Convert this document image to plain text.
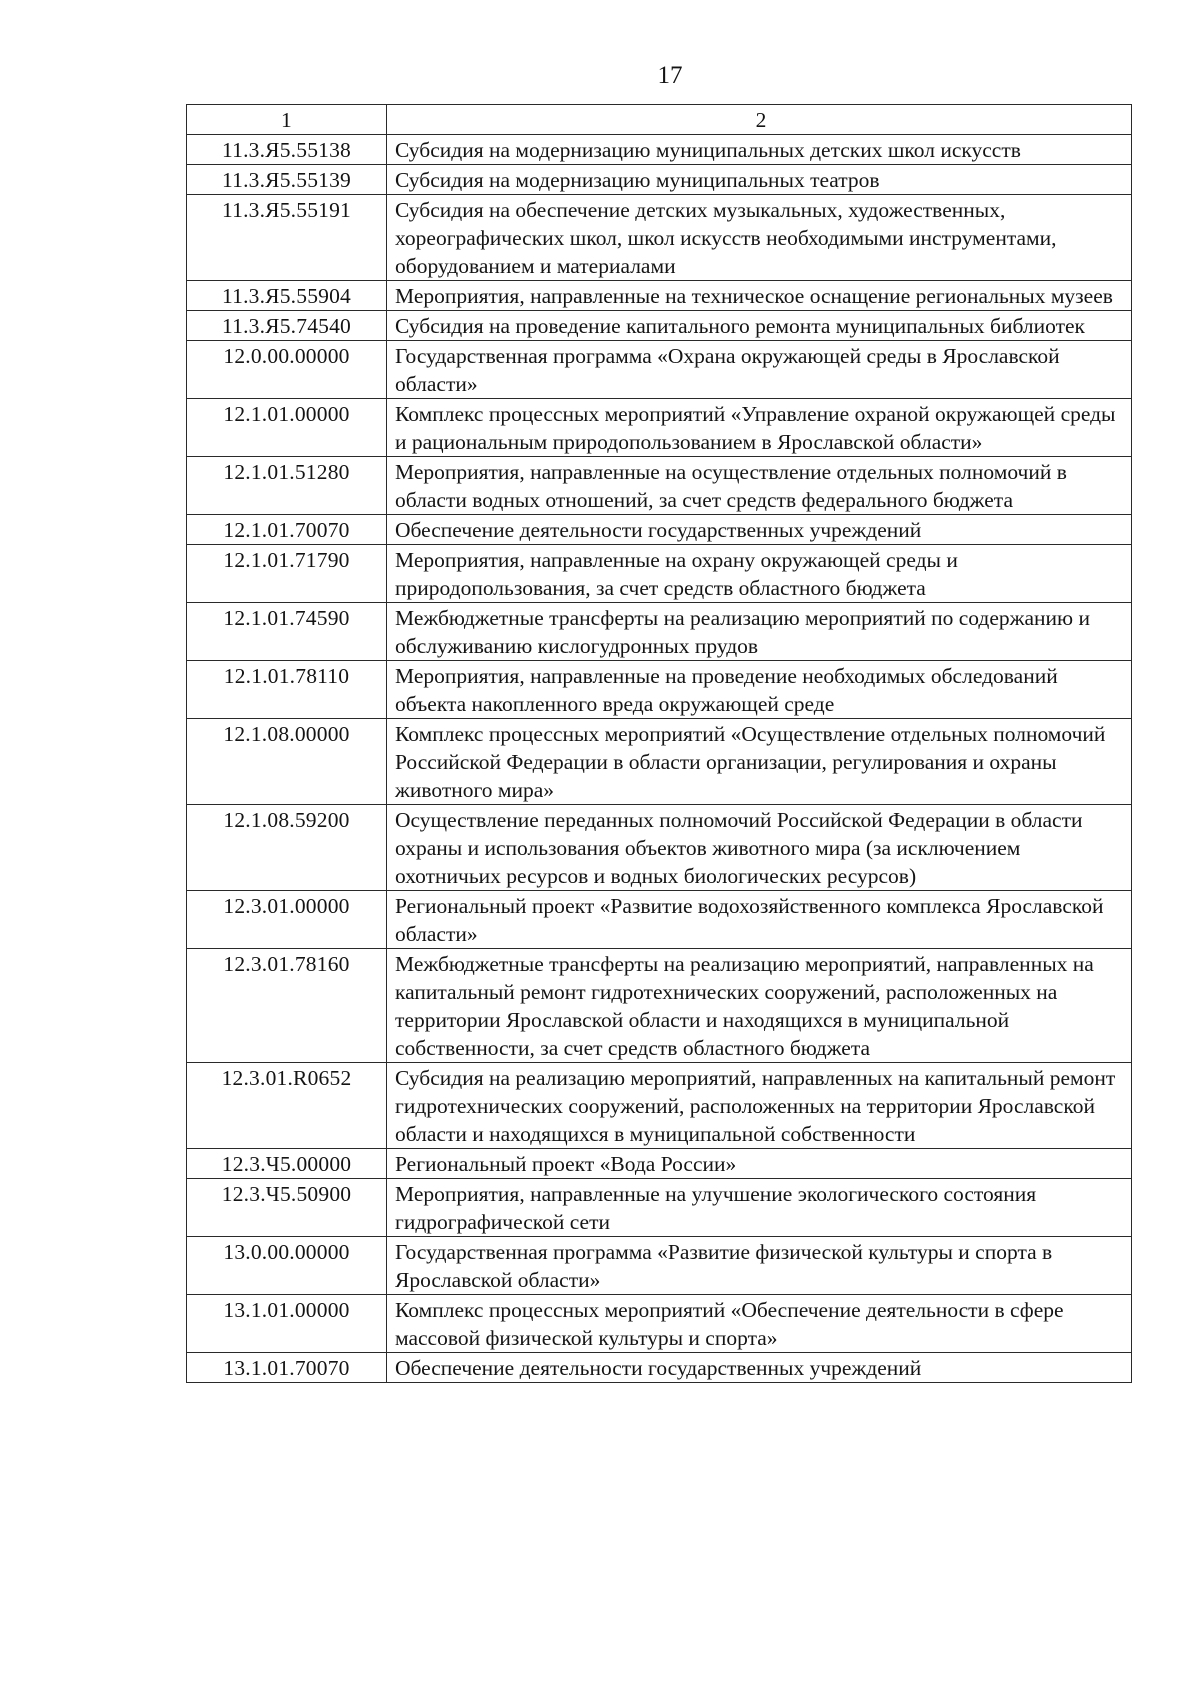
17
1	2
11.3.Я5.55138	Субсидия на модернизацию муниципальных детских школ искусств
11.3.Я5.55139	Субсидия на модернизацию муниципальных театров
11.3.Я5.55191	Субсидия на обеспечение детских музыкальных, художественных, хореографических школ, школ искусств необходимыми инструментами, оборудованием и материалами
11.3.Я5.55904	Мероприятия, направленные на техническое оснащение региональных музеев
11.3.Я5.74540	Субсидия на проведение капитального ремонта муниципальных библиотек
12.0.00.00000	Государственная программа «Охрана окружающей среды в Ярославской области»
12.1.01.00000	Комплекс процессных мероприятий «Управление охраной окружающей среды и рациональным природопользованием в Ярославской области»
12.1.01.51280	Мероприятия, направленные на осуществление отдельных полномочий в области водных отношений, за счет средств федерального бюджета
12.1.01.70070	Обеспечение деятельности государственных учреждений
12.1.01.71790	Мероприятия, направленные на охрану окружающей среды и природопользования, за счет средств областного бюджета
12.1.01.74590	Межбюджетные трансферты на реализацию мероприятий по содержанию и обслуживанию кислогудронных прудов
12.1.01.78110	Мероприятия, направленные на проведение необходимых обследований объекта накопленного вреда окружающей среде
12.1.08.00000	Комплекс процессных мероприятий «Осуществление отдельных полномочий Российской Федерации в области организации, регулирования и охраны животного мира»
12.1.08.59200	Осуществление переданных полномочий Российской Федерации в области охраны и использования объектов животного мира (за исключением охотничьих ресурсов и водных биологических ресурсов)
12.3.01.00000	Региональный проект «Развитие водохозяйственного комплекса Ярославской области»
12.3.01.78160	Межбюджетные трансферты на реализацию мероприятий, направленных на капитальный ремонт гидротехнических сооружений, расположенных на территории Ярославской области и находящихся в муниципальной собственности, за счет средств областного бюджета
12.3.01.R0652	Субсидия на реализацию мероприятий, направленных на капитальный ремонт гидротехнических сооружений, расположенных на территории Ярославской области и находящихся в муниципальной собственности
12.3.Ч5.00000	Региональный проект «Вода России»
12.3.Ч5.50900	Мероприятия, направленные на улучшение экологического состояния гидрографической сети
13.0.00.00000	Государственная программа «Развитие физической культуры и спорта в Ярославской области»
13.1.01.00000	Комплекс процессных мероприятий «Обеспечение деятельности в сфере массовой физической культуры и спорта»
13.1.01.70070	Обеспечение деятельности государственных учреждений
